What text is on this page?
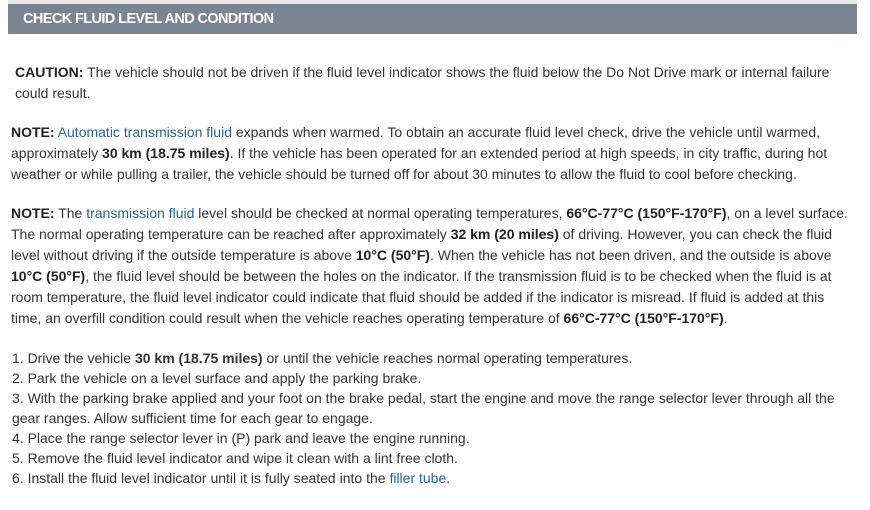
CHECK FLUID LEVEL AND CONDITION

CAUTION: The vehicle should not be driven if the fluid level indicator shows the fluid below the Do Not Drive mark or internal failure could result.

NOTE: Automatic transmission fluid expands when warmed. To obtain an accurate fluid level check, drive the vehicle until warmed, approximately 30 km (18.75 miles). If the vehicle has been operated for an extended period at high speeds, in city traffic, during hot weather or while pulling a trailer, the vehicle should be turned off for about 30 minutes to allow the fluid to cool before checking.

NOTE: The transmission fluid level should be checked at normal operating temperatures, 66°C-77°C (150°F-170°F), on a level surface. The normal operating temperature can be reached after approximately 32 km (20 miles) of driving. However, you can check the fluid level without driving if the outside temperature is above 10°C (50°F). When the vehicle has not been driven, and the outside is above 10°C (50°F), the fluid level should be between the holes on the indicator. If the transmission fluid is to be checked when the fluid is at room temperature, the fluid level indicator could indicate that fluid should be added if the indicator is misread. If fluid is added at this time, an overfill condition could result when the vehicle reaches operating temperature of 66°C-77°C (150°F-170°F).

1. Drive the vehicle 30 km (18.75 miles) or until the vehicle reaches normal operating temperatures.
2. Park the vehicle on a level surface and apply the parking brake.
3. With the parking brake applied and your foot on the brake pedal, start the engine and move the range selector lever through all the gear ranges. Allow sufficient time for each gear to engage.
4. Place the range selector lever in (P) park and leave the engine running.
5. Remove the fluid level indicator and wipe it clean with a lint free cloth.
6. Install the fluid level indicator until it is fully seated into the filler tube.
